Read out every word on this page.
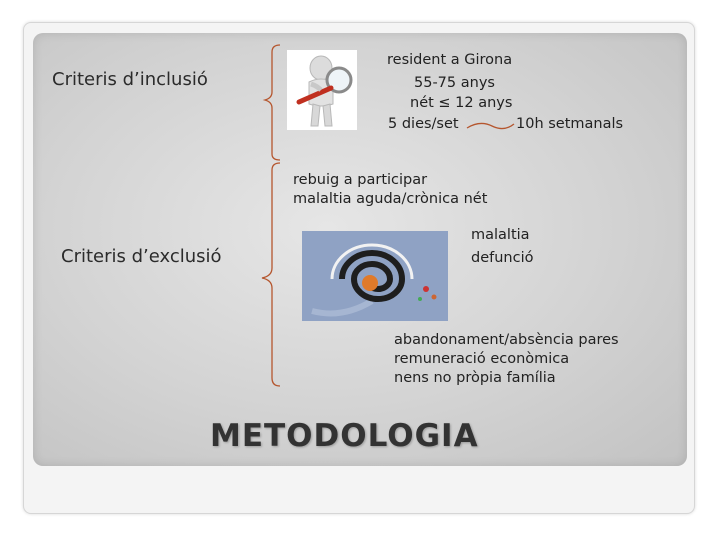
Criteris d’inclusió
resident a Girona
55-75 anys
nét ≤ 12 anys
5 dies/set	10h setmanals
Criteris d’exclusió
rebuig a participar
malaltia aguda/crònica nét
malaltia
defunció
abandonament/absència pares
remuneració econòmica
nens no pròpia família
METODOLOGIA
